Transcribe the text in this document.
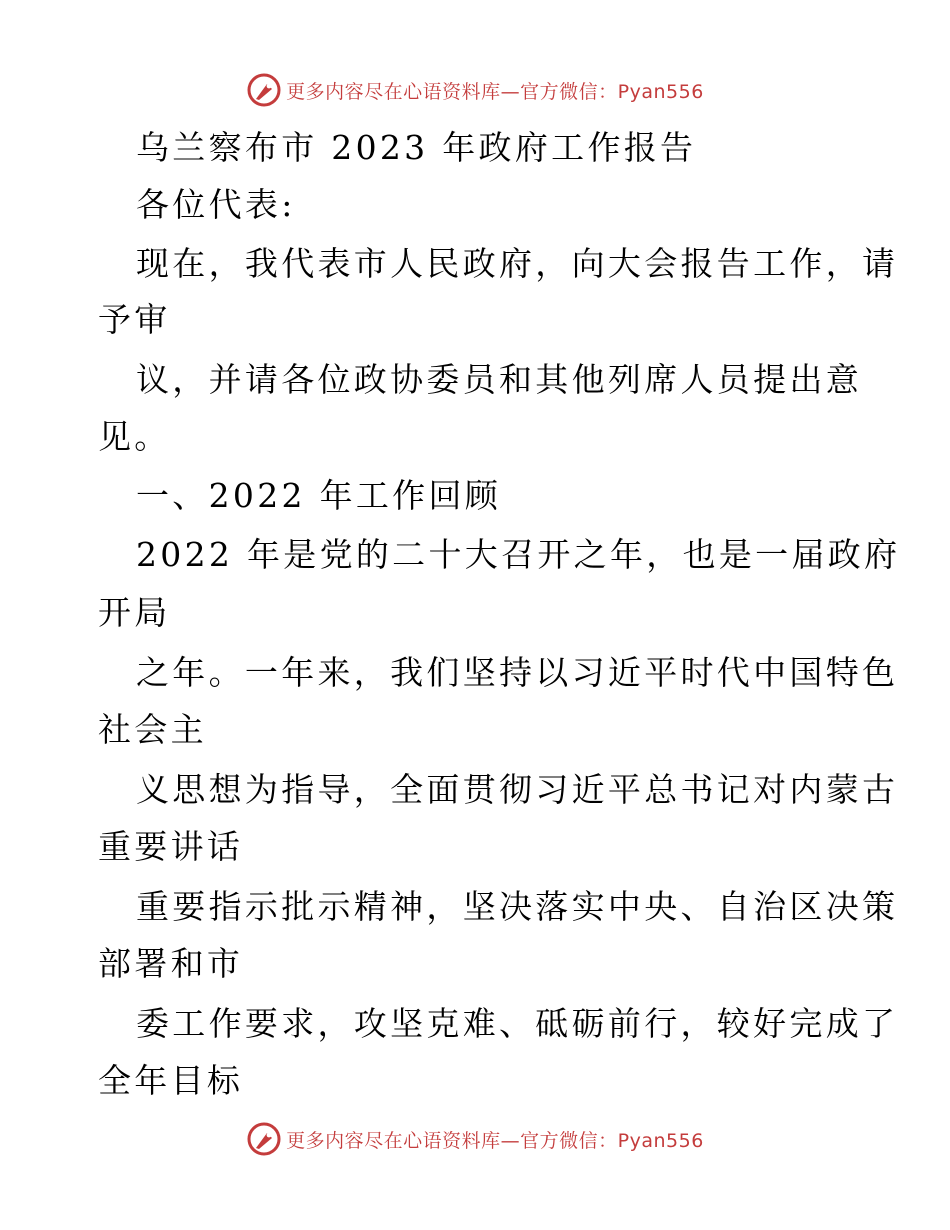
更多内容尽在心语资料库—官方微信：Pyan556
乌兰察布市 2023 年政府工作报告
各位代表:
现在，我代表市人民政府，向大会报告工作，请
予审
议，并请各位政协委员和其他列席人员提出意
见。
一、2022 年工作回顾
2022 年是党的二十大召开之年，也是一届政府
开局
之年。一年来，我们坚持以习近平时代中国特色
社会主
义思想为指导，全面贯彻习近平总书记对内蒙古
重要讲话
重要指示批示精神，坚决落实中央、自治区决策
部署和市
委工作要求，攻坚克难、砥砺前行，较好完成了
全年目标
更多内容尽在心语资料库—官方微信：Pyan556
